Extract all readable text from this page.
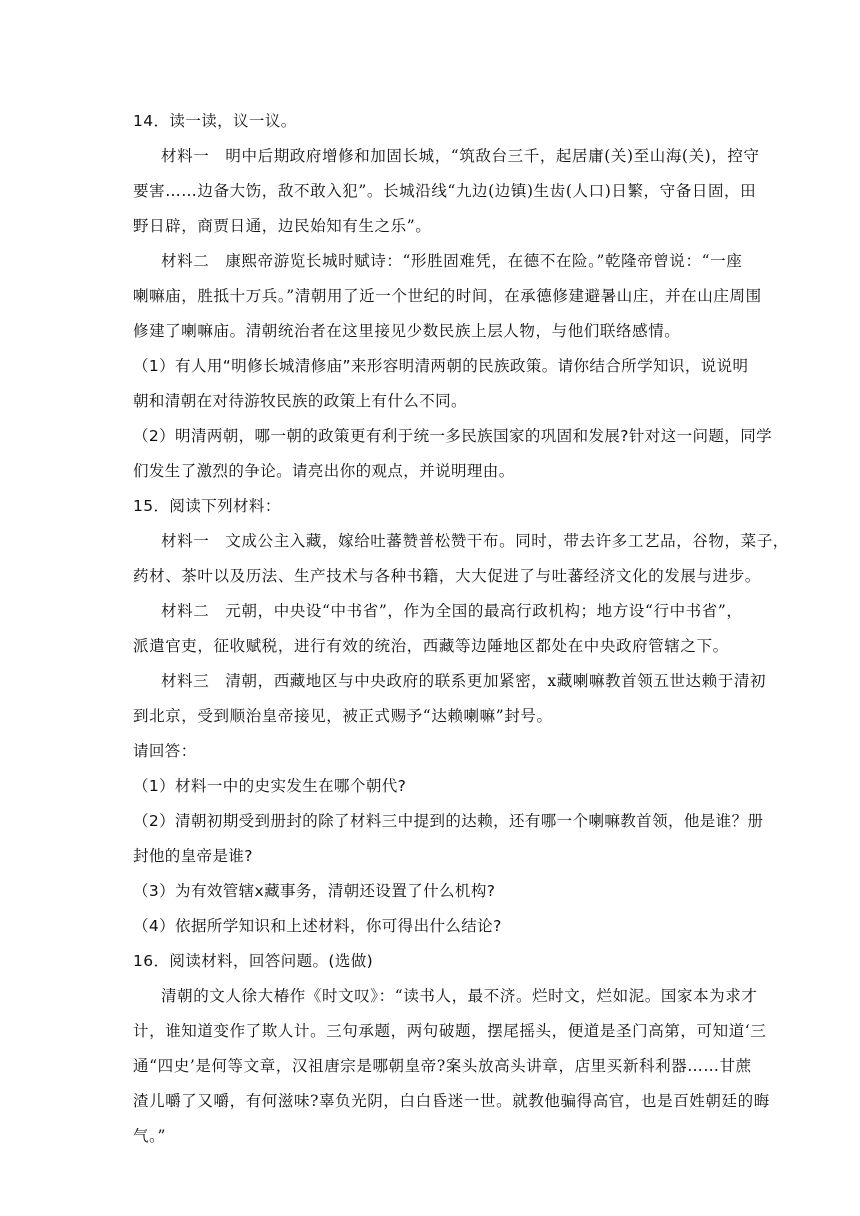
14．读一读，议一议。
材料一　明中后期政府增修和加固长城，“筑敌台三千，起居庸(关)至山海(关)，控守
要害……边备大饬，敌不敢入犯”。长城沿线“九边(边镇)生齿(人口)日繁，守备日固，田
野日辟，商贾日通，边民始知有生之乐”。
材料二　康熙帝游览长城时赋诗：“形胜固难凭，在德不在险。”乾隆帝曾说：“一座
喇嘛庙，胜抵十万兵。”清朝用了近一个世纪的时间，在承德修建避暑山庄，并在山庄周围
修建了喇嘛庙。清朝统治者在这里接见少数民族上层人物，与他们联络感情。
（1）有人用“明修长城清修庙”来形容明清两朝的民族政策。请你结合所学知识，说说明
朝和清朝在对待游牧民族的政策上有什么不同。
（2）明清两朝，哪一朝的政策更有利于统一多民族国家的巩固和发展?针对这一问题，同学
们发生了激烈的争论。请亮出你的观点，并说明理由。
15．阅读下列材料：
材料一　文成公主入藏，嫁给吐蕃赞普松赞干布。同时，带去许多工艺品，谷物，菜子，
药材、茶叶以及历法、生产技术与各种书籍，大大促进了与吐蕃经济文化的发展与进步。
材料二　元朝，中央设“中书省”，作为全国的最高行政机构；地方设“行中书省”，
派遣官吏，征收赋税，进行有效的统治，西藏等边陲地区都处在中央政府管辖之下。
材料三　清朝，西藏地区与中央政府的联系更加紧密，x藏喇嘛教首领五世达赖于清初
到北京，受到顺治皇帝接见，被正式赐予“达赖喇嘛”封号。
请回答：
（1）材料一中的史实发生在哪个朝代?
（2）清朝初期受到册封的除了材料三中提到的达赖，还有哪一个喇嘛教首领，他是谁？册
封他的皇帝是谁?
（3）为有效管辖x藏事务，清朝还设置了什么机构?
（4）依据所学知识和上述材料，你可得出什么结论?
16．阅读材料，回答问题。(选做)
清朝的文人徐大椿作《时文叹》：“读书人，最不济。烂时文，烂如泥。国家本为求才
计，谁知道变作了欺人计。三句承题，两句破题，摆尾摇头，便道是圣门高第，可知道‘三
通“四史’是何等文章，汉祖唐宗是哪朝皇帝?案头放高头讲章，店里买新科利器……甘蔗
渣儿嚼了又嚼，有何滋味?辜负光阴，白白昏迷一世。就教他骗得高官，也是百姓朝廷的晦
气。”
